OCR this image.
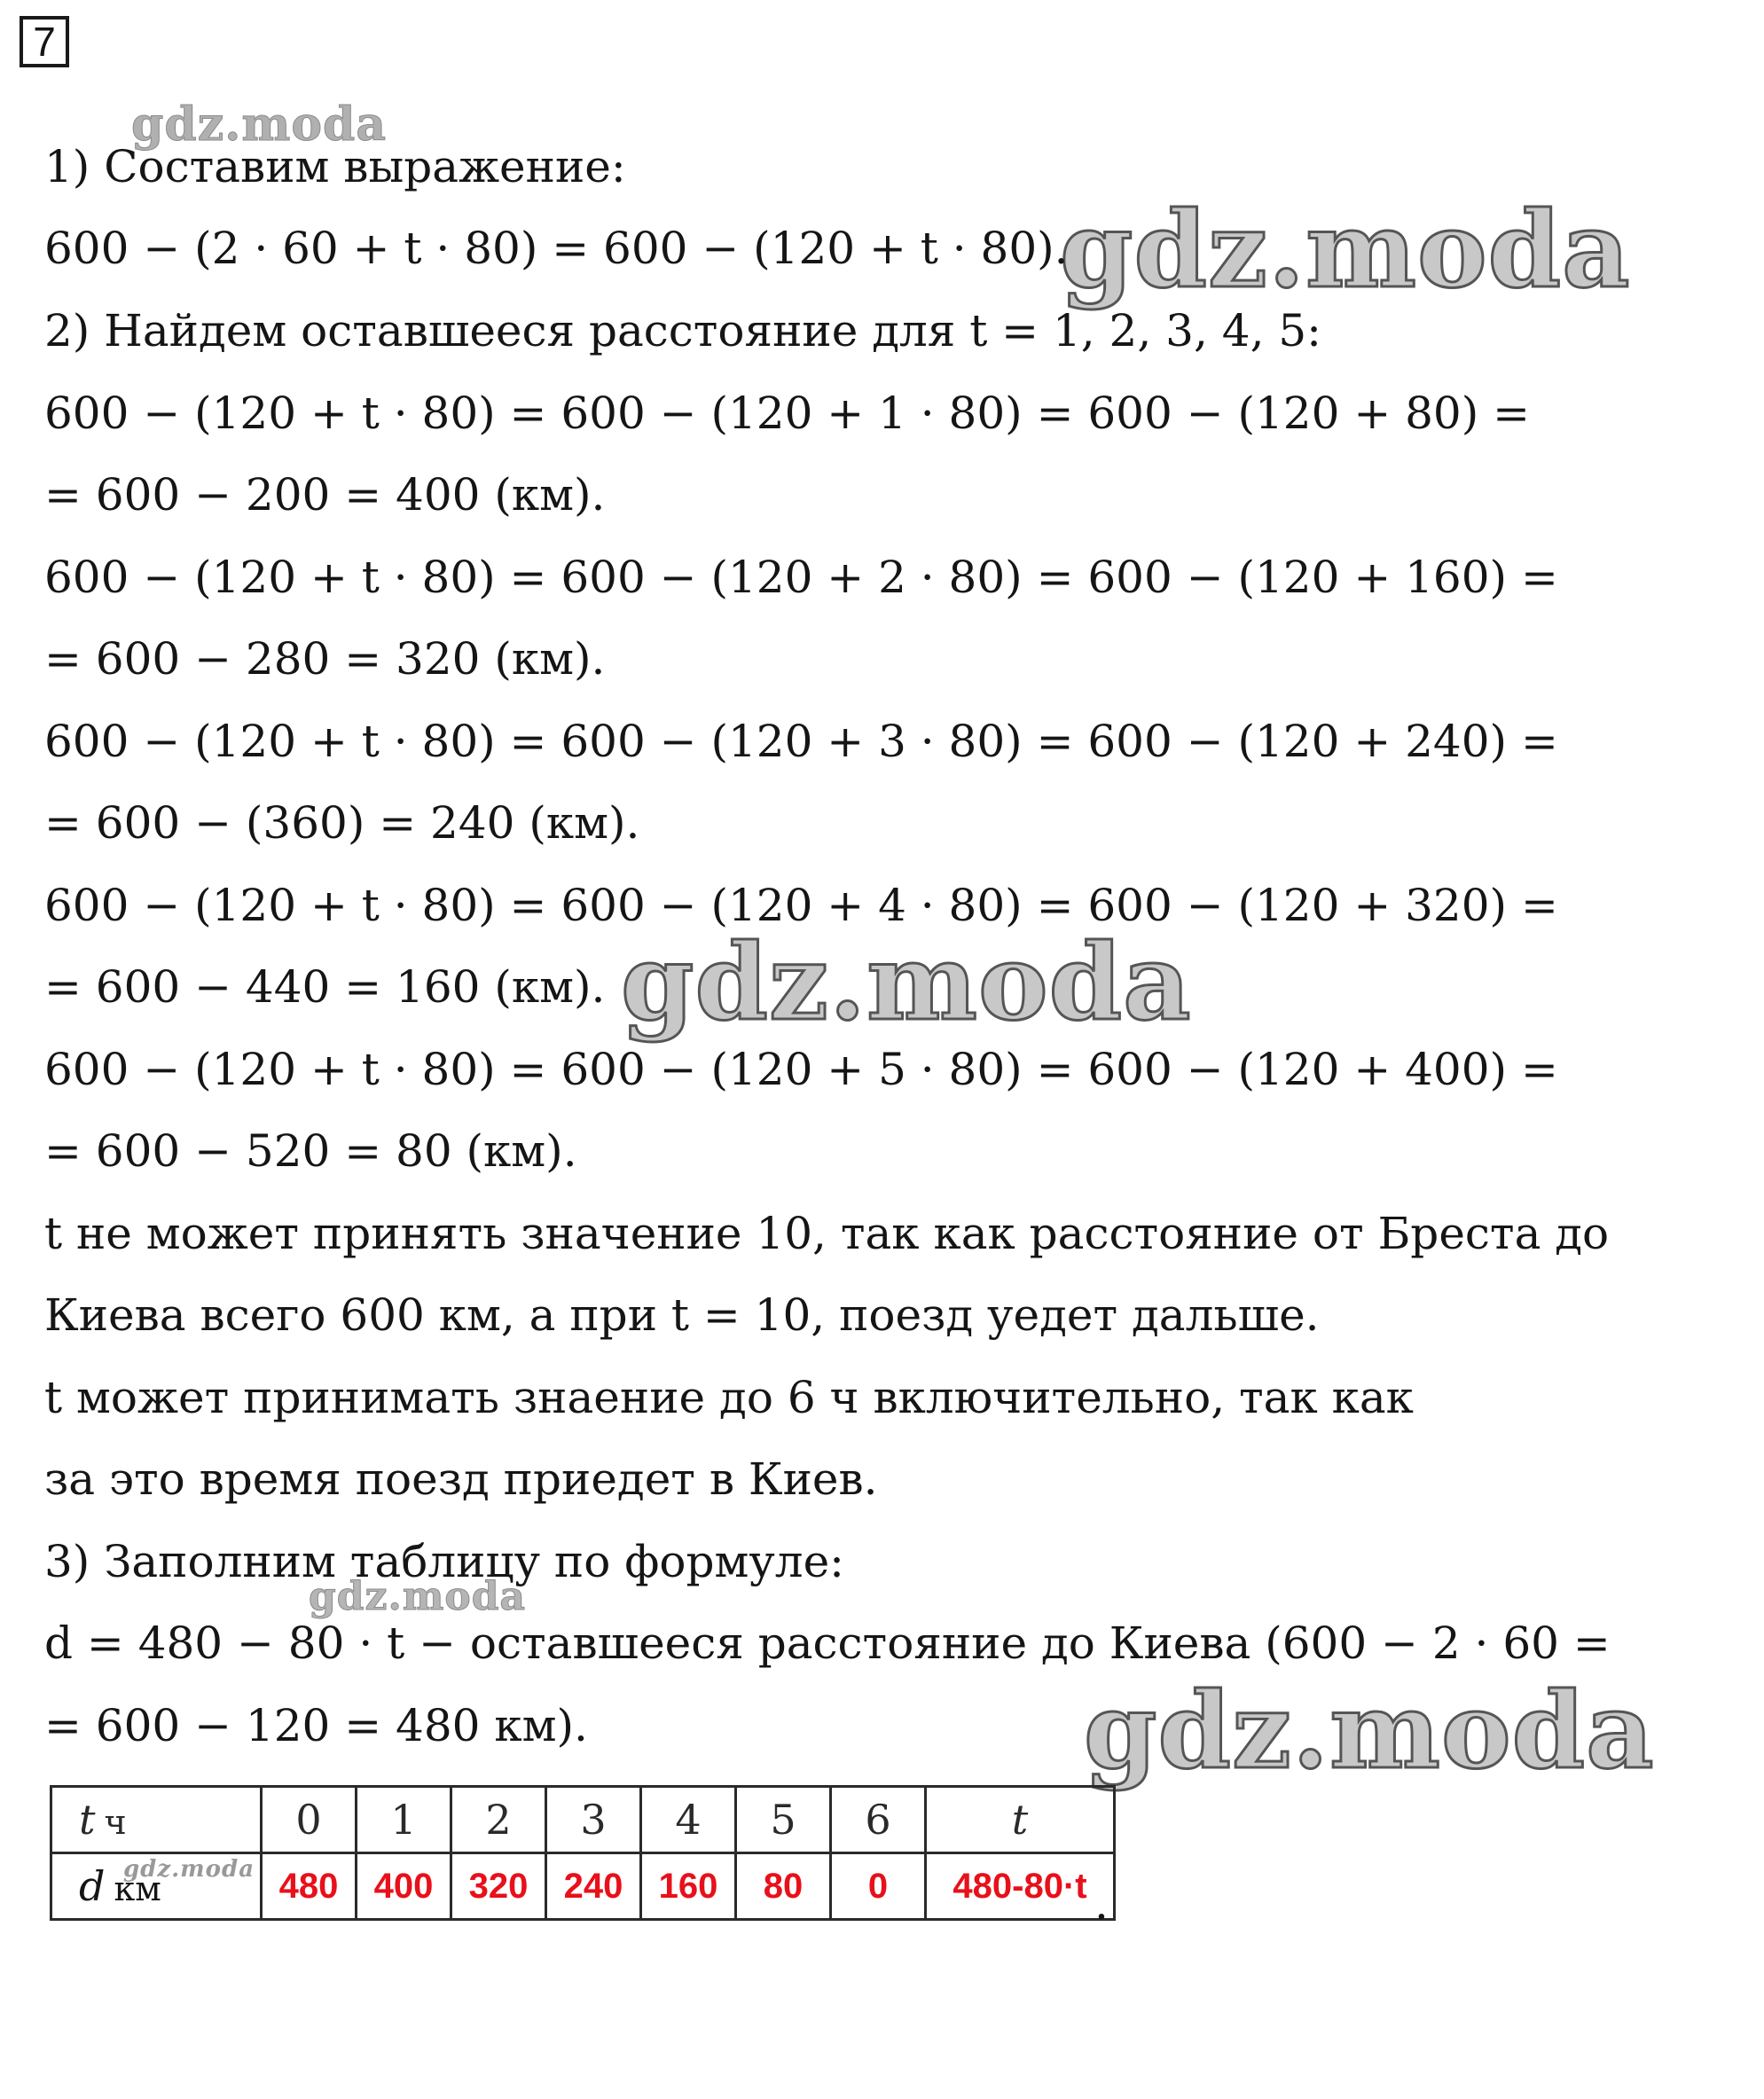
7
gdz.moda
gdz.moda
gdz.moda
gdz.moda
gdz.moda
1) Составим выражение:
600 − (2 · 60 + t · 80) = 600 − (120 + t · 80).
2) Найдем оставшееся расстояние для t = 1, 2, 3, 4, 5:
600 − (120 + t · 80) = 600 − (120 + 1 · 80) = 600 − (120 + 80) =
= 600 − 200 = 400 (км).
600 − (120 + t · 80) = 600 − (120 + 2 · 80) = 600 − (120 + 160) =
= 600 − 280 = 320 (км).
600 − (120 + t · 80) = 600 − (120 + 3 · 80) = 600 − (120 + 240) =
= 600 − (360) = 240 (км).
600 − (120 + t · 80) = 600 − (120 + 4 · 80) = 600 − (120 + 320) =
= 600 − 440 = 160 (км).
600 − (120 + t · 80) = 600 − (120 + 5 · 80) = 600 − (120 + 400) =
= 600 − 520 = 80 (км).
t не может принять значение 10, так как расстояние от Бреста до
Киева всего 600 км, а при t = 10, поезд уедет дальше.
t может принимать знаение до 6 ч включительно, так как
за это время поезд приедет в Киев.
3) Заполним таблицу по формуле:
d = 480 − 80 · t − оставшееся расстояние до Киева (600 − 2 · 60 =
= 600 − 120 = 480 км).
t ч	0	1	2	3	4	5	6	t

gdz.moda
d км	480	400	320	240	160	80	0	480-80·t .
